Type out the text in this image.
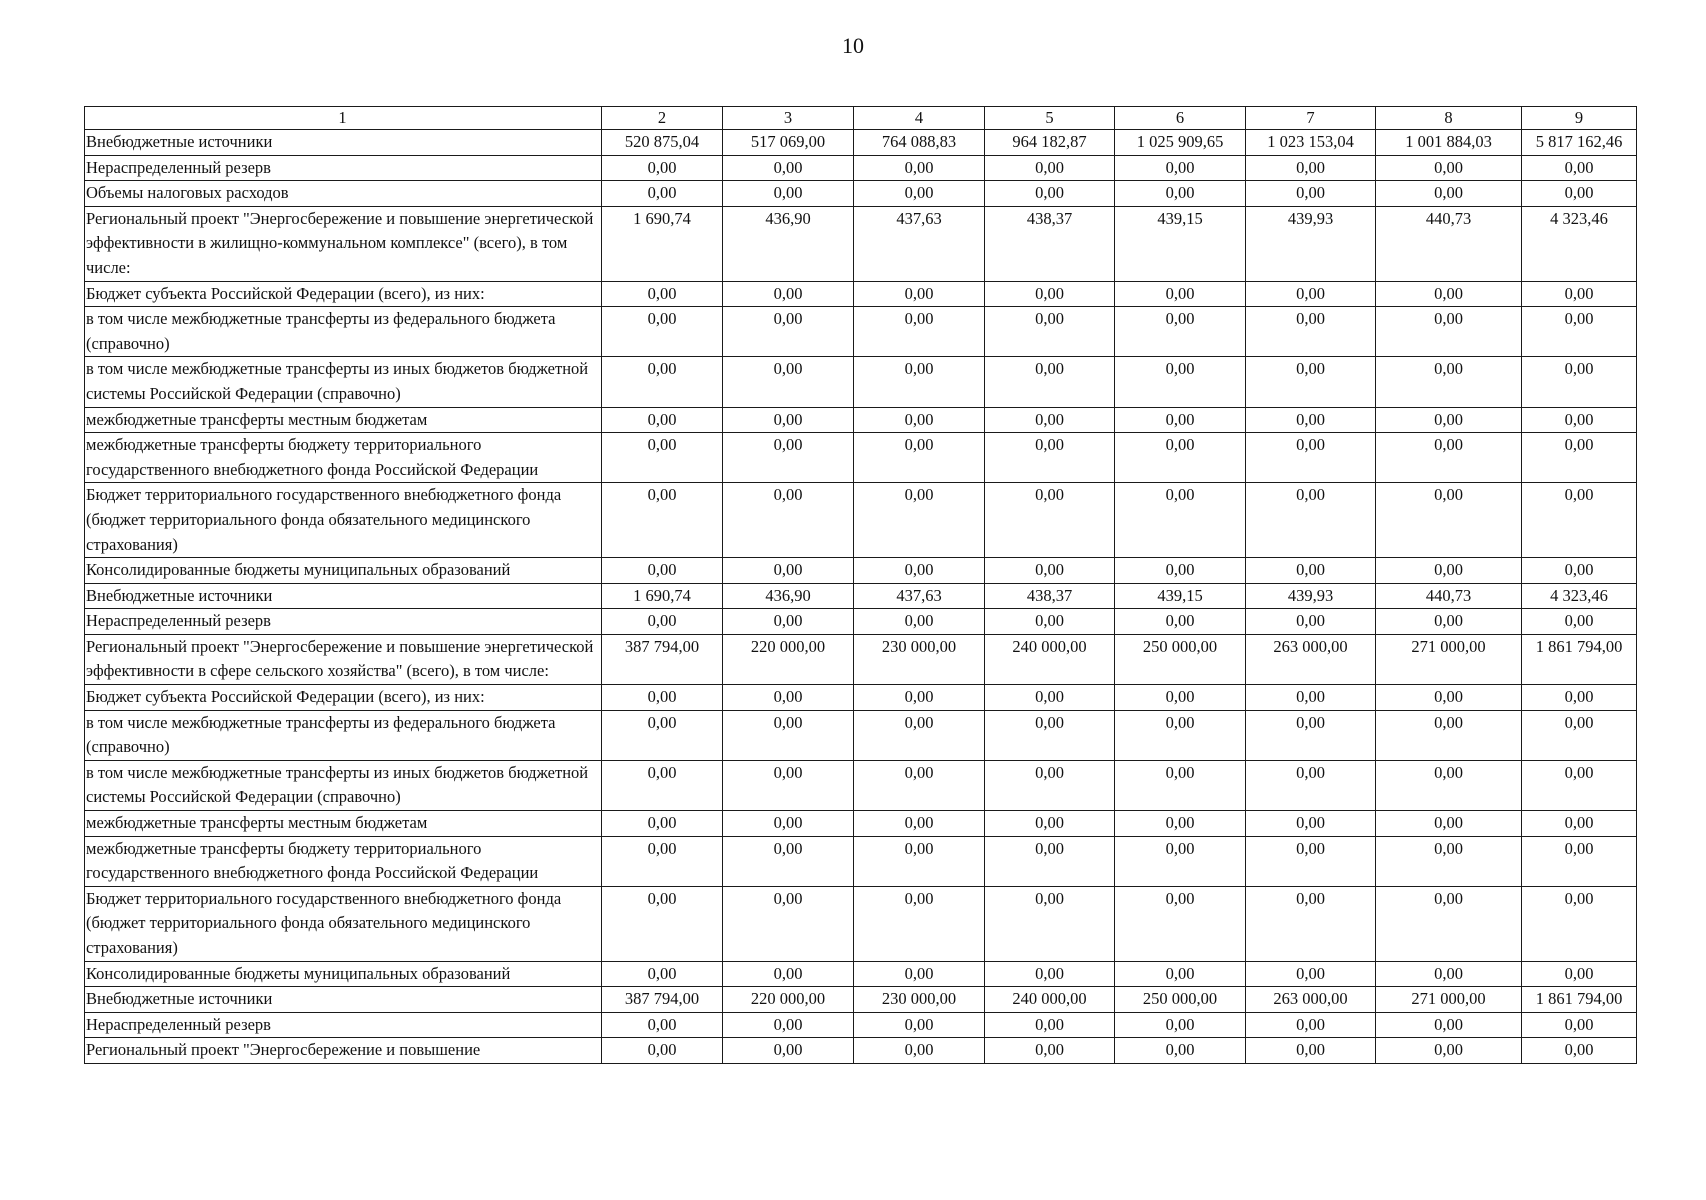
10
1	2	3	4	5	6	7	8	9
Внебюджетные источники	520 875,04	517 069,00	764 088,83	964 182,87	1 025 909,65	1 023 153,04	1 001 884,03	5 817 162,46
Нераспределенный резерв	0,00	0,00	0,00	0,00	0,00	0,00	0,00	0,00
Объемы налоговых расходов	0,00	0,00	0,00	0,00	0,00	0,00	0,00	0,00
Региональный проект "Энергосбережение и повышение энергетической эффективности в жилищно-коммунальном комплексе" (всего), в том числе:	1 690,74	436,90	437,63	438,37	439,15	439,93	440,73	4 323,46
Бюджет субъекта Российской Федерации (всего), из них:	0,00	0,00	0,00	0,00	0,00	0,00	0,00	0,00
в том числе межбюджетные трансферты из федерального бюджета (справочно)	0,00	0,00	0,00	0,00	0,00	0,00	0,00	0,00
в том числе межбюджетные трансферты из иных бюджетов бюджетной системы Российской Федерации (справочно)	0,00	0,00	0,00	0,00	0,00	0,00	0,00	0,00
межбюджетные трансферты местным бюджетам	0,00	0,00	0,00	0,00	0,00	0,00	0,00	0,00
межбюджетные трансферты бюджету территориального государственного внебюджетного фонда Российской Федерации	0,00	0,00	0,00	0,00	0,00	0,00	0,00	0,00
Бюджет территориального государственного внебюджетного фонда (бюджет территориального фонда обязательного медицинского страхования)	0,00	0,00	0,00	0,00	0,00	0,00	0,00	0,00
Консолидированные бюджеты муниципальных образований	0,00	0,00	0,00	0,00	0,00	0,00	0,00	0,00
Внебюджетные источники	1 690,74	436,90	437,63	438,37	439,15	439,93	440,73	4 323,46
Нераспределенный резерв	0,00	0,00	0,00	0,00	0,00	0,00	0,00	0,00
Региональный проект "Энергосбережение и повышение энергетической эффективности в сфере сельского хозяйства" (всего), в том числе:	387 794,00	220 000,00	230 000,00	240 000,00	250 000,00	263 000,00	271 000,00	1 861 794,00
Бюджет субъекта Российской Федерации (всего), из них:	0,00	0,00	0,00	0,00	0,00	0,00	0,00	0,00
в том числе межбюджетные трансферты из федерального бюджета (справочно)	0,00	0,00	0,00	0,00	0,00	0,00	0,00	0,00
в том числе межбюджетные трансферты из иных бюджетов бюджетной системы Российской Федерации (справочно)	0,00	0,00	0,00	0,00	0,00	0,00	0,00	0,00
межбюджетные трансферты местным бюджетам	0,00	0,00	0,00	0,00	0,00	0,00	0,00	0,00
межбюджетные трансферты бюджету территориального государственного внебюджетного фонда Российской Федерации	0,00	0,00	0,00	0,00	0,00	0,00	0,00	0,00
Бюджет территориального государственного внебюджетного фонда (бюджет территориального фонда обязательного медицинского страхования)	0,00	0,00	0,00	0,00	0,00	0,00	0,00	0,00
Консолидированные бюджеты муниципальных образований	0,00	0,00	0,00	0,00	0,00	0,00	0,00	0,00
Внебюджетные источники	387 794,00	220 000,00	230 000,00	240 000,00	250 000,00	263 000,00	271 000,00	1 861 794,00
Нераспределенный резерв	0,00	0,00	0,00	0,00	0,00	0,00	0,00	0,00
Региональный проект "Энергосбережение и повышение	0,00	0,00	0,00	0,00	0,00	0,00	0,00	0,00
